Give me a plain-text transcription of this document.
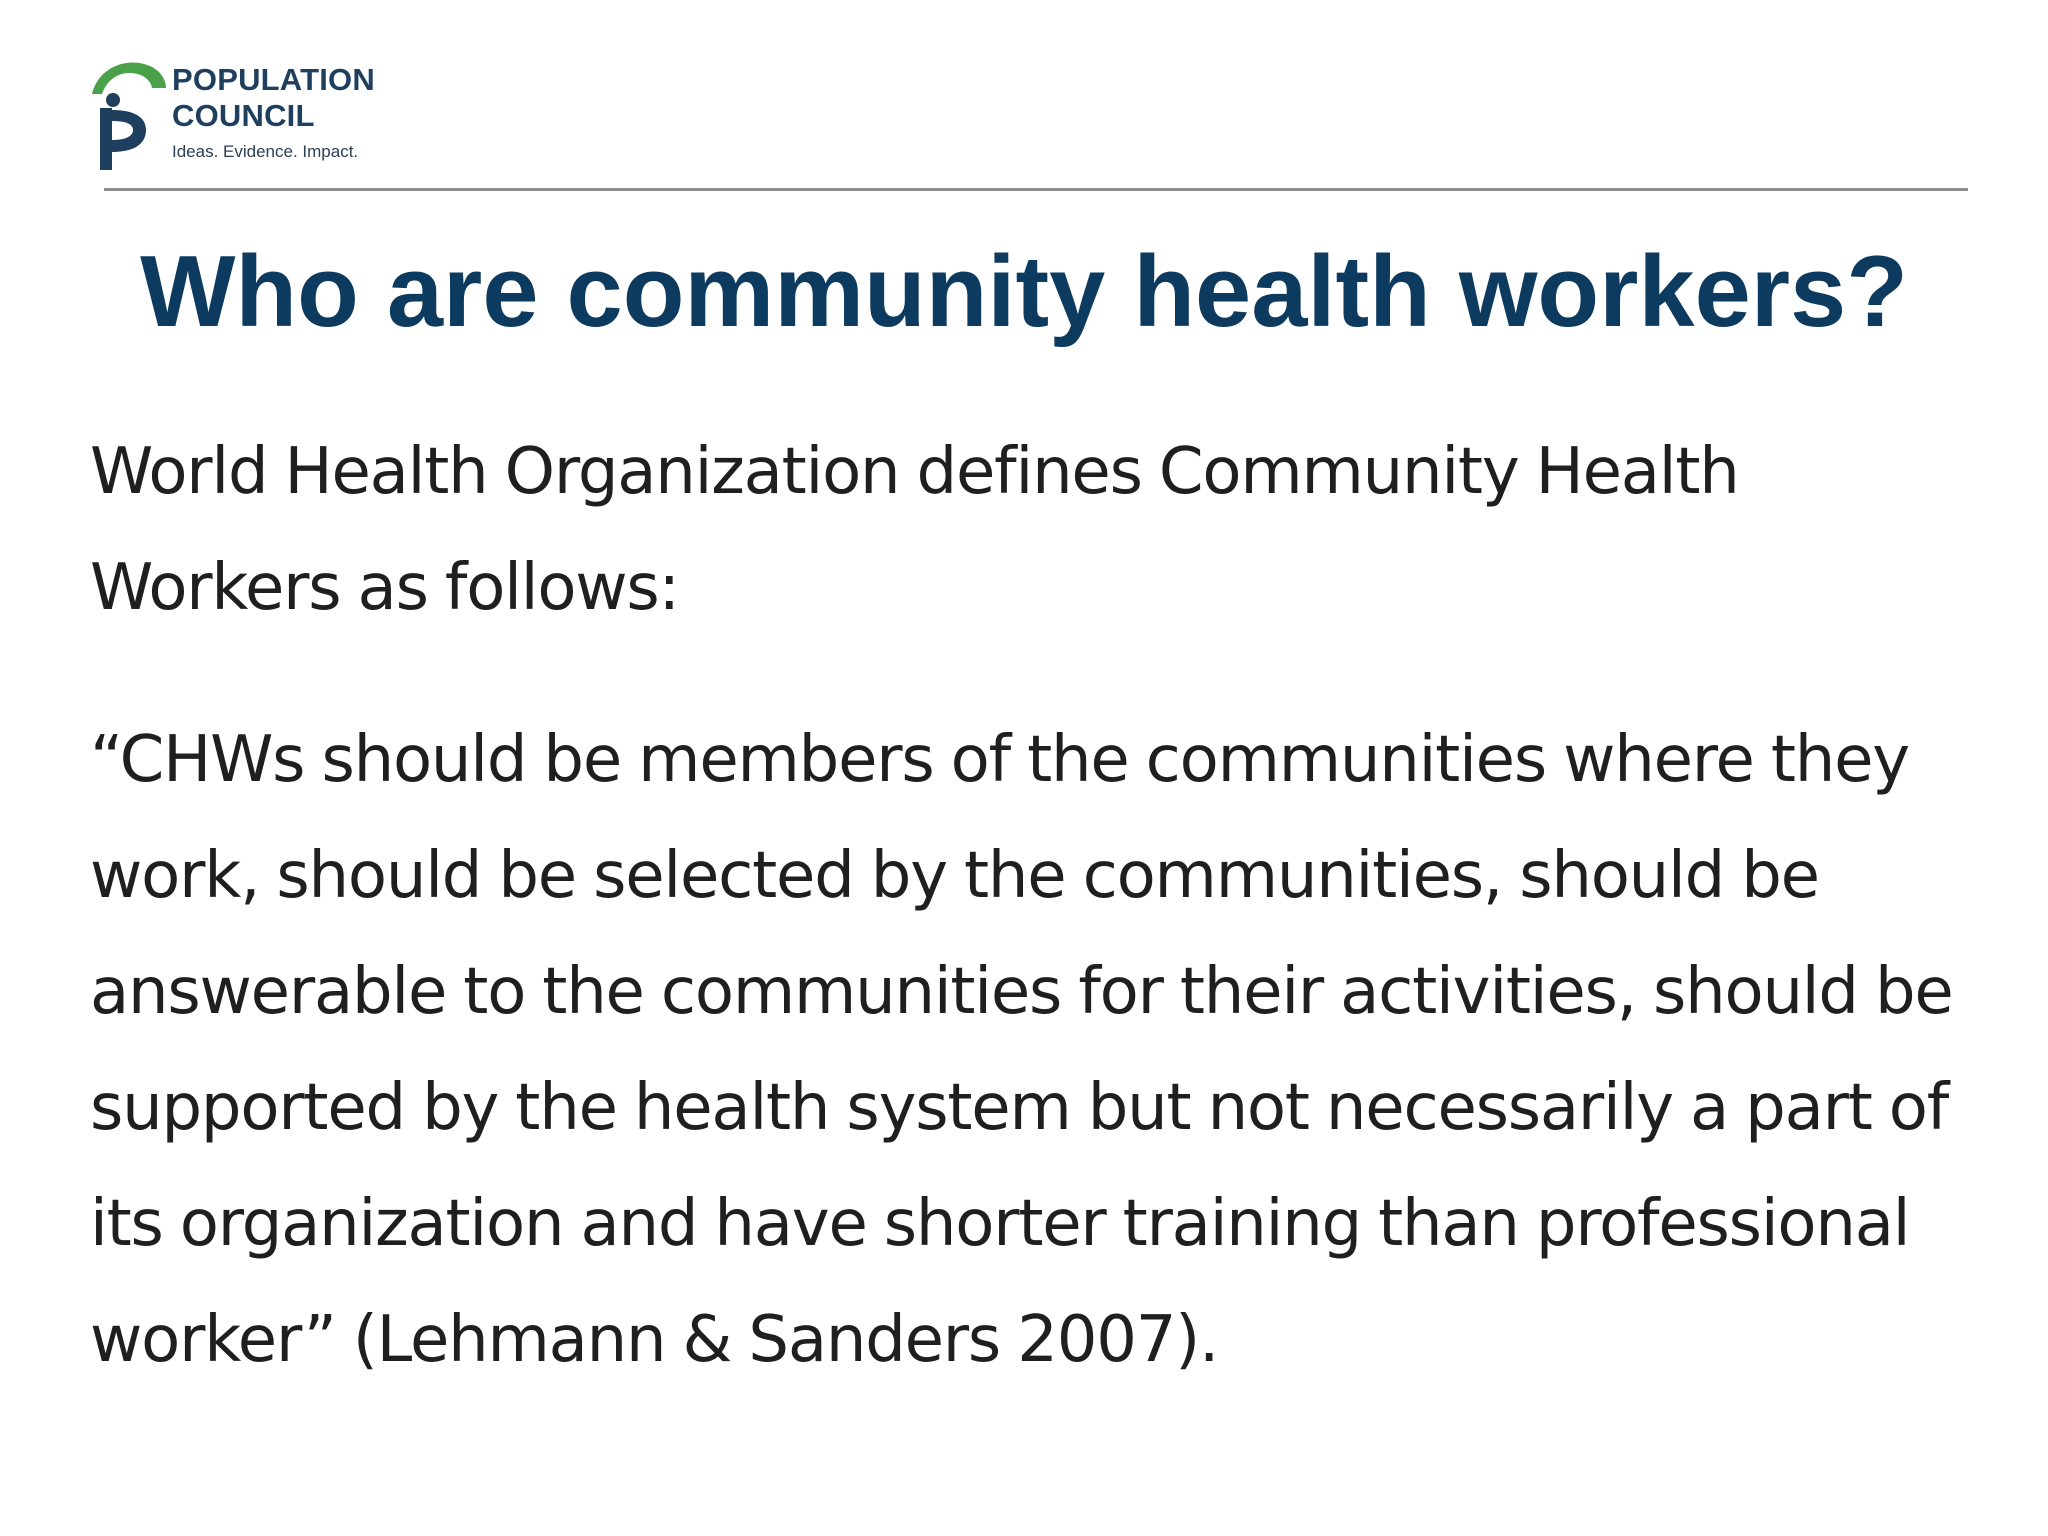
POPULATION
COUNCIL
Ideas. Evidence. Impact.
Who are community health workers?
World Health Organization defines Community Health Workers as follows:
“CHWs should be members of the communities where they work, should be selected by the communities, should be answerable to the communities for their activities, should be supported by the health system but not necessarily a part of its organization and have shorter training than professional worker” (Lehmann & Sanders 2007).
